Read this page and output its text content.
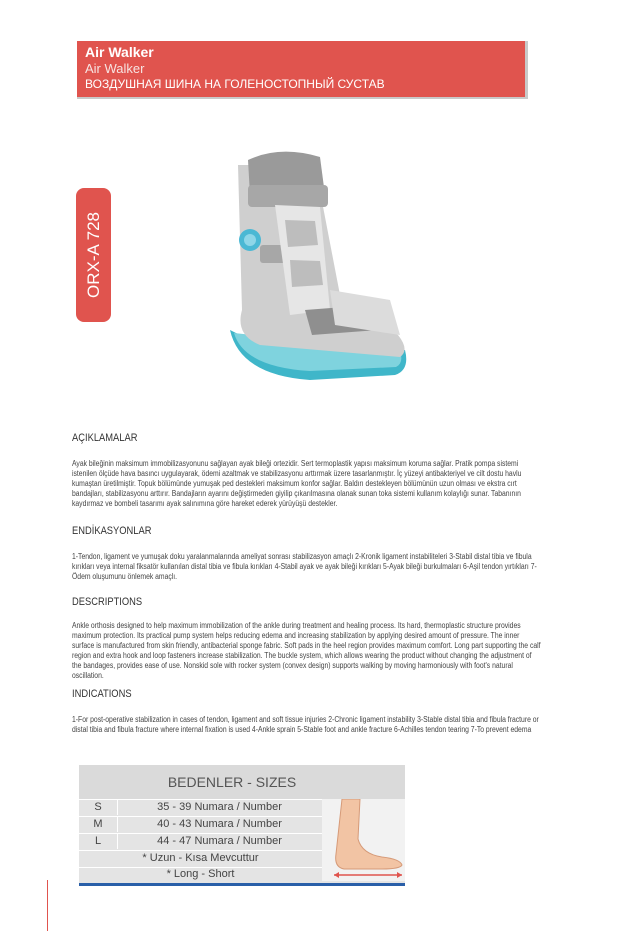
Air Walker
Air Walker
ВОЗДУШНАЯ ШИНА НА ГОЛЕНОСТОПНЫЙ СУСТАВ
ORX-A 728
AÇIKLAMALAR
Ayak bileğinin maksimum immobilizasyonunu sağlayan ayak bileği ortezidir. Sert termoplastik yapısı maksimum koruma sağlar. Pratik pompa sistemi istenilen ölçüde hava basıncı uygulayarak, ödemi azaltmak ve stabilizasyonu arttırmak üzere tasarlanmıştır. İç yüzeyi antibakteriyel ve cilt dostu havlu kumaştan üretilmiştir. Topuk bölümünde yumuşak ped destekleri maksimum konfor sağlar. Baldırı destekleyen bölümünün uzun olması ve ekstra cırt bandajları, stabilizasyonu arttırır. Bandajların ayarını değiştirmeden giyilip çıkarılmasına olanak sunan toka sistemi kullanım kolaylığı sunar. Tabanının kaydırmaz ve bombeli tasarımı ayak salınımına göre hareket ederek yürüyüşü destekler.
ENDİKASYONLAR
1-Tendon, ligament ve yumuşak doku yaralanmalarında ameliyat sonrası stabilizasyon amaçlı 2-Kronik ligament instabiliteleri 3-Stabil distal tibia ve fibula kırıkları veya internal fiksatör kullanılan distal tibia ve fibula kırıkları 4-Stabil ayak ve ayak bileği kırıkları 5-Ayak bileği burkulmaları 6-Aşil tendon yırtıkları 7-Ödem oluşumunu önlemek amaçlı.
DESCRIPTIONS
Ankle orthosis designed to help maximum immobilization of the ankle during treatment and healing process. Its hard, thermoplastic structure provides maximum protection. Its practical pump system helps reducing edema and increasing stabilization by applying desired amount of pressure. The inner surface is manufactured from skin friendly, antibacterial sponge fabric. Soft pads in the heel region provides maximum comfort. Long part supporting the calf region and extra hook and loop fasteners increase stabilization. The buckle system, which allows wearing the product without changing the adjustment of the bandages, provides ease of use. Nonskid sole with rocker system (convex design) supports walking by moving harmoniously with foot's natural oscillation.
INDICATIONS
1-For post-operative stabilization in cases of tendon, ligament and soft tissue injuries 2-Chronic ligament instability 3-Stable distal tibia and fibula fracture or distal tibia and fibula fracture where internal fixation is used 4-Ankle sprain 5-Stable foot and ankle fracture 6-Achilles tendon tearing 7-To prevent edema
BEDENLER - SIZES
S	35 - 39 Numara / Number
M	40 - 43 Numara / Number
L	44 - 47 Numara / Number
* Uzun - Kısa Mevcuttur
* Long - Short
